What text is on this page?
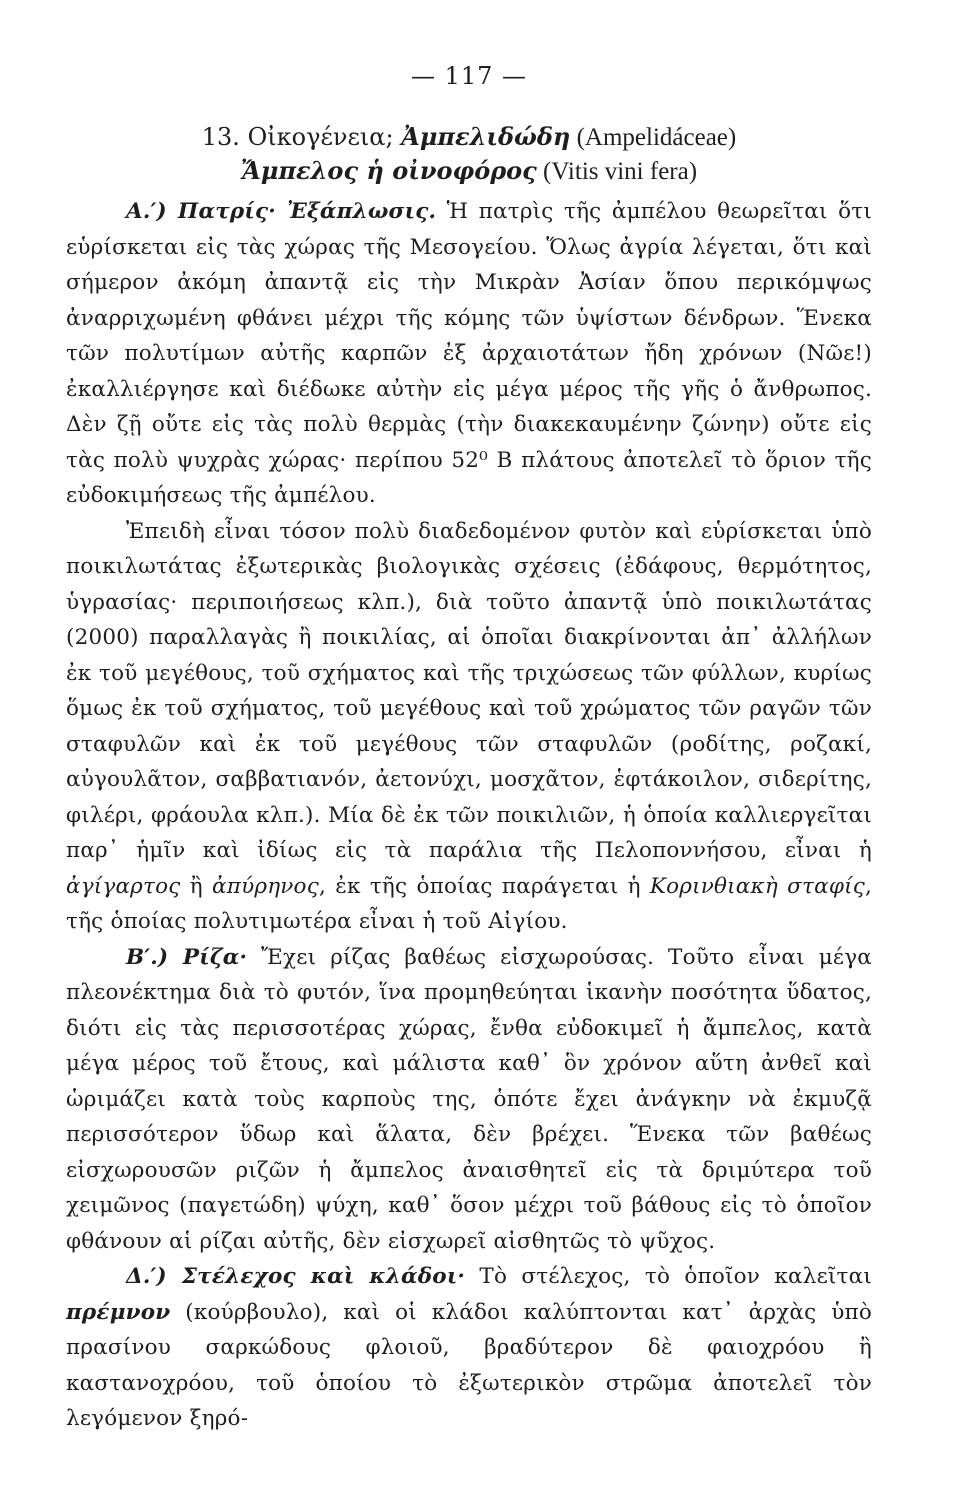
— 117 —
13. Οἰκογένεια; Ἀμπελιδώδη (Ampelidáceae)
Ἄμπελος ἡ οἰνοφόρος (Vitis vini fera)

Α.′) Πατρίς· Ἐξάπλωσις. Ἡ πατρὶς τῆς ἀμπέλου θεωρεῖται ὅτι εὑρίσκεται εἰς τὰς χώρας τῆς Μεσογείου. Ὅλως ἀγρία λέγεται, ὅτι καὶ σήμερον ἀκόμη ἀπαντᾷ εἰς τὴν Μικρὰν Ἀσίαν ὅπου περικόμψως ἀναρριχωμένη φθάνει μέχρι τῆς κόμης τῶν ὑψίστων δένδρων. Ἕνεκα τῶν πολυτίμων αὐτῆς καρπῶν ἐξ ἀρχαιοτάτων ἤδη χρόνων (Νῶε!) ἐκαλλιέργησε καὶ διέδωκε αὐτὴν εἰς μέγα μέρος τῆς γῆς ὁ ἄνθρωπος. Δὲν ζῇ οὔτε εἰς τὰς πολὺ θερμὰς (τὴν διακεκαυμένην ζώνην) οὔτε εἰς τὰς πολὺ ψυχρὰς χώρας· περίπου 52⁰ Β πλάτους ἀποτελεῖ τὸ ὅριον τῆς εὐδοκιμήσεως τῆς ἀμπέλου.

Ἐπειδὴ εἶναι τόσον πολὺ διαδεδομένον φυτὸν καὶ εὑρίσκεται ὑπὸ ποικιλωτάτας ἐξωτερικὰς βιολογικὰς σχέσεις (ἐδάφους, θερμότητος, ὑγρασίας· περιποιήσεως κλπ.), διὰ τοῦτο ἀπαντᾷ ὑπὸ ποικιλωτάτας (2000) παραλλαγὰς ἢ ποικιλίας, αἱ ὁποῖαι διακρίνονται ἀπ᾽ ἀλλήλων ἐκ τοῦ μεγέθους, τοῦ σχήματος καὶ τῆς τριχώσεως τῶν φύλλων, κυρίως ὅμως ἐκ τοῦ σχήματος, τοῦ μεγέθους καὶ τοῦ χρώματος τῶν ραγῶν τῶν σταφυλῶν καὶ ἐκ τοῦ μεγέθους τῶν σταφυλῶν (ροδίτης, ροζακί, αὐγουλᾶτον, σαββατιανόν, ἀετονύχι, μοσχᾶτον, ἑφτάκοιλον, σιδερίτης, φιλέρι, φράουλα κλπ.). Μία δὲ ἐκ τῶν ποικιλιῶν, ἡ ὁποία καλλιεργεῖται παρ᾽ ἡμῖν καὶ ἰδίως εἰς τὰ παράλια τῆς Πελοποννήσου, εἶναι ἡ ἀγίγαρτος ἢ ἀπύρηνος, ἐκ τῆς ὁποίας παράγεται ἡ Κορινθιακὴ σταφίς, τῆς ὁποίας πολυτιμωτέρα εἶναι ἡ τοῦ Αἰγίου.

Β′.) Ρίζα· Ἔχει ρίζας βαθέως εἰσχωρούσας. Τοῦτο εἶναι μέγα πλεονέκτημα διὰ τὸ φυτόν, ἵνα προμηθεύηται ἱκανὴν ποσότητα ὕδατος, διότι εἰς τὰς περισσοτέρας χώρας, ἔνθα εὐδοκιμεῖ ἡ ἄμπελος, κατὰ μέγα μέρος τοῦ ἔτους, καὶ μάλιστα καθ᾽ ὃν χρόνον αὕτη ἀνθεῖ καὶ ὡριμάζει κατὰ τοὺς καρποὺς της, ὁπότε ἔχει ἀνάγκην νὰ ἐκμυζᾷ περισσότερον ὕδωρ καὶ ἅλατα, δὲν βρέχει. Ἕνεκα τῶν βαθέως εἰσχωρουσῶν ριζῶν ἡ ἄμπελος ἀναισθητεῖ εἰς τὰ δριμύτερα τοῦ χειμῶνος (παγετώδη) ψύχη, καθ᾽ ὅσον μέχρι τοῦ βάθους εἰς τὸ ὁποῖον φθάνουν αἱ ρίζαι αὐτῆς, δὲν εἰσχωρεῖ αἰσθητῶς τὸ ψῦχος.

Δ.′) Στέλεχος καὶ κλάδοι· Τὸ στέλεχος, τὸ ὁποῖον καλεῖται πρέμνον (κούρβουλο), καὶ οἱ κλάδοι καλύπτονται κατ᾽ ἀρχὰς ὑπὸ πρασίνου σαρκώδους φλοιοῦ, βραδύτερον δὲ φαιοχρόου ἢ καστανοχρόου, τοῦ ὁποίου τὸ ἐξωτερικὸν στρῶμα ἀποτελεῖ τὸν λεγόμενον ξηρό-
